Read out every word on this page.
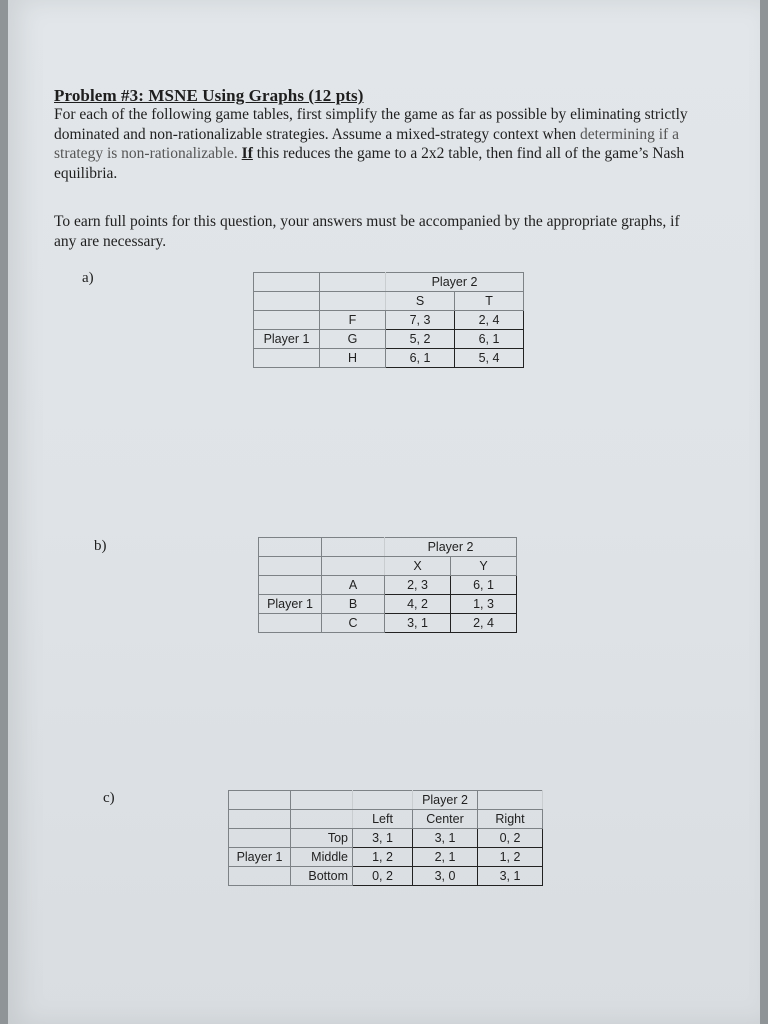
Problem #3: MSNE Using Graphs (12 pts)

For each of the following game tables, first simplify the game as far as possible by eliminating strictly dominated and non-rationalizable strategies. Assume a mixed-strategy context when determining if a strategy is non-rationalizable. If this reduces the game to a 2x2 table, then find all of the game’s Nash equilibria.

To earn full points for this question, your answers must be accompanied by the appropriate graphs, if any are necessary.

a)
			Player 2	
		S	T
	F	7, 3	2, 4
Player 1	G	5, 2	6, 1
	H	6, 1	5, 4
b)
			Player 2	
		X	Y
	A	2, 3	6, 1
Player 1	B	4, 2	1, 3
	C	3, 1	2, 4
c)
				Player 2	
		Left	Center	Right
	Top	3, 1	3, 1	0, 2
Player 1	Middle	1, 2	2, 1	1, 2
	Bottom	0, 2	3, 0	3, 1
